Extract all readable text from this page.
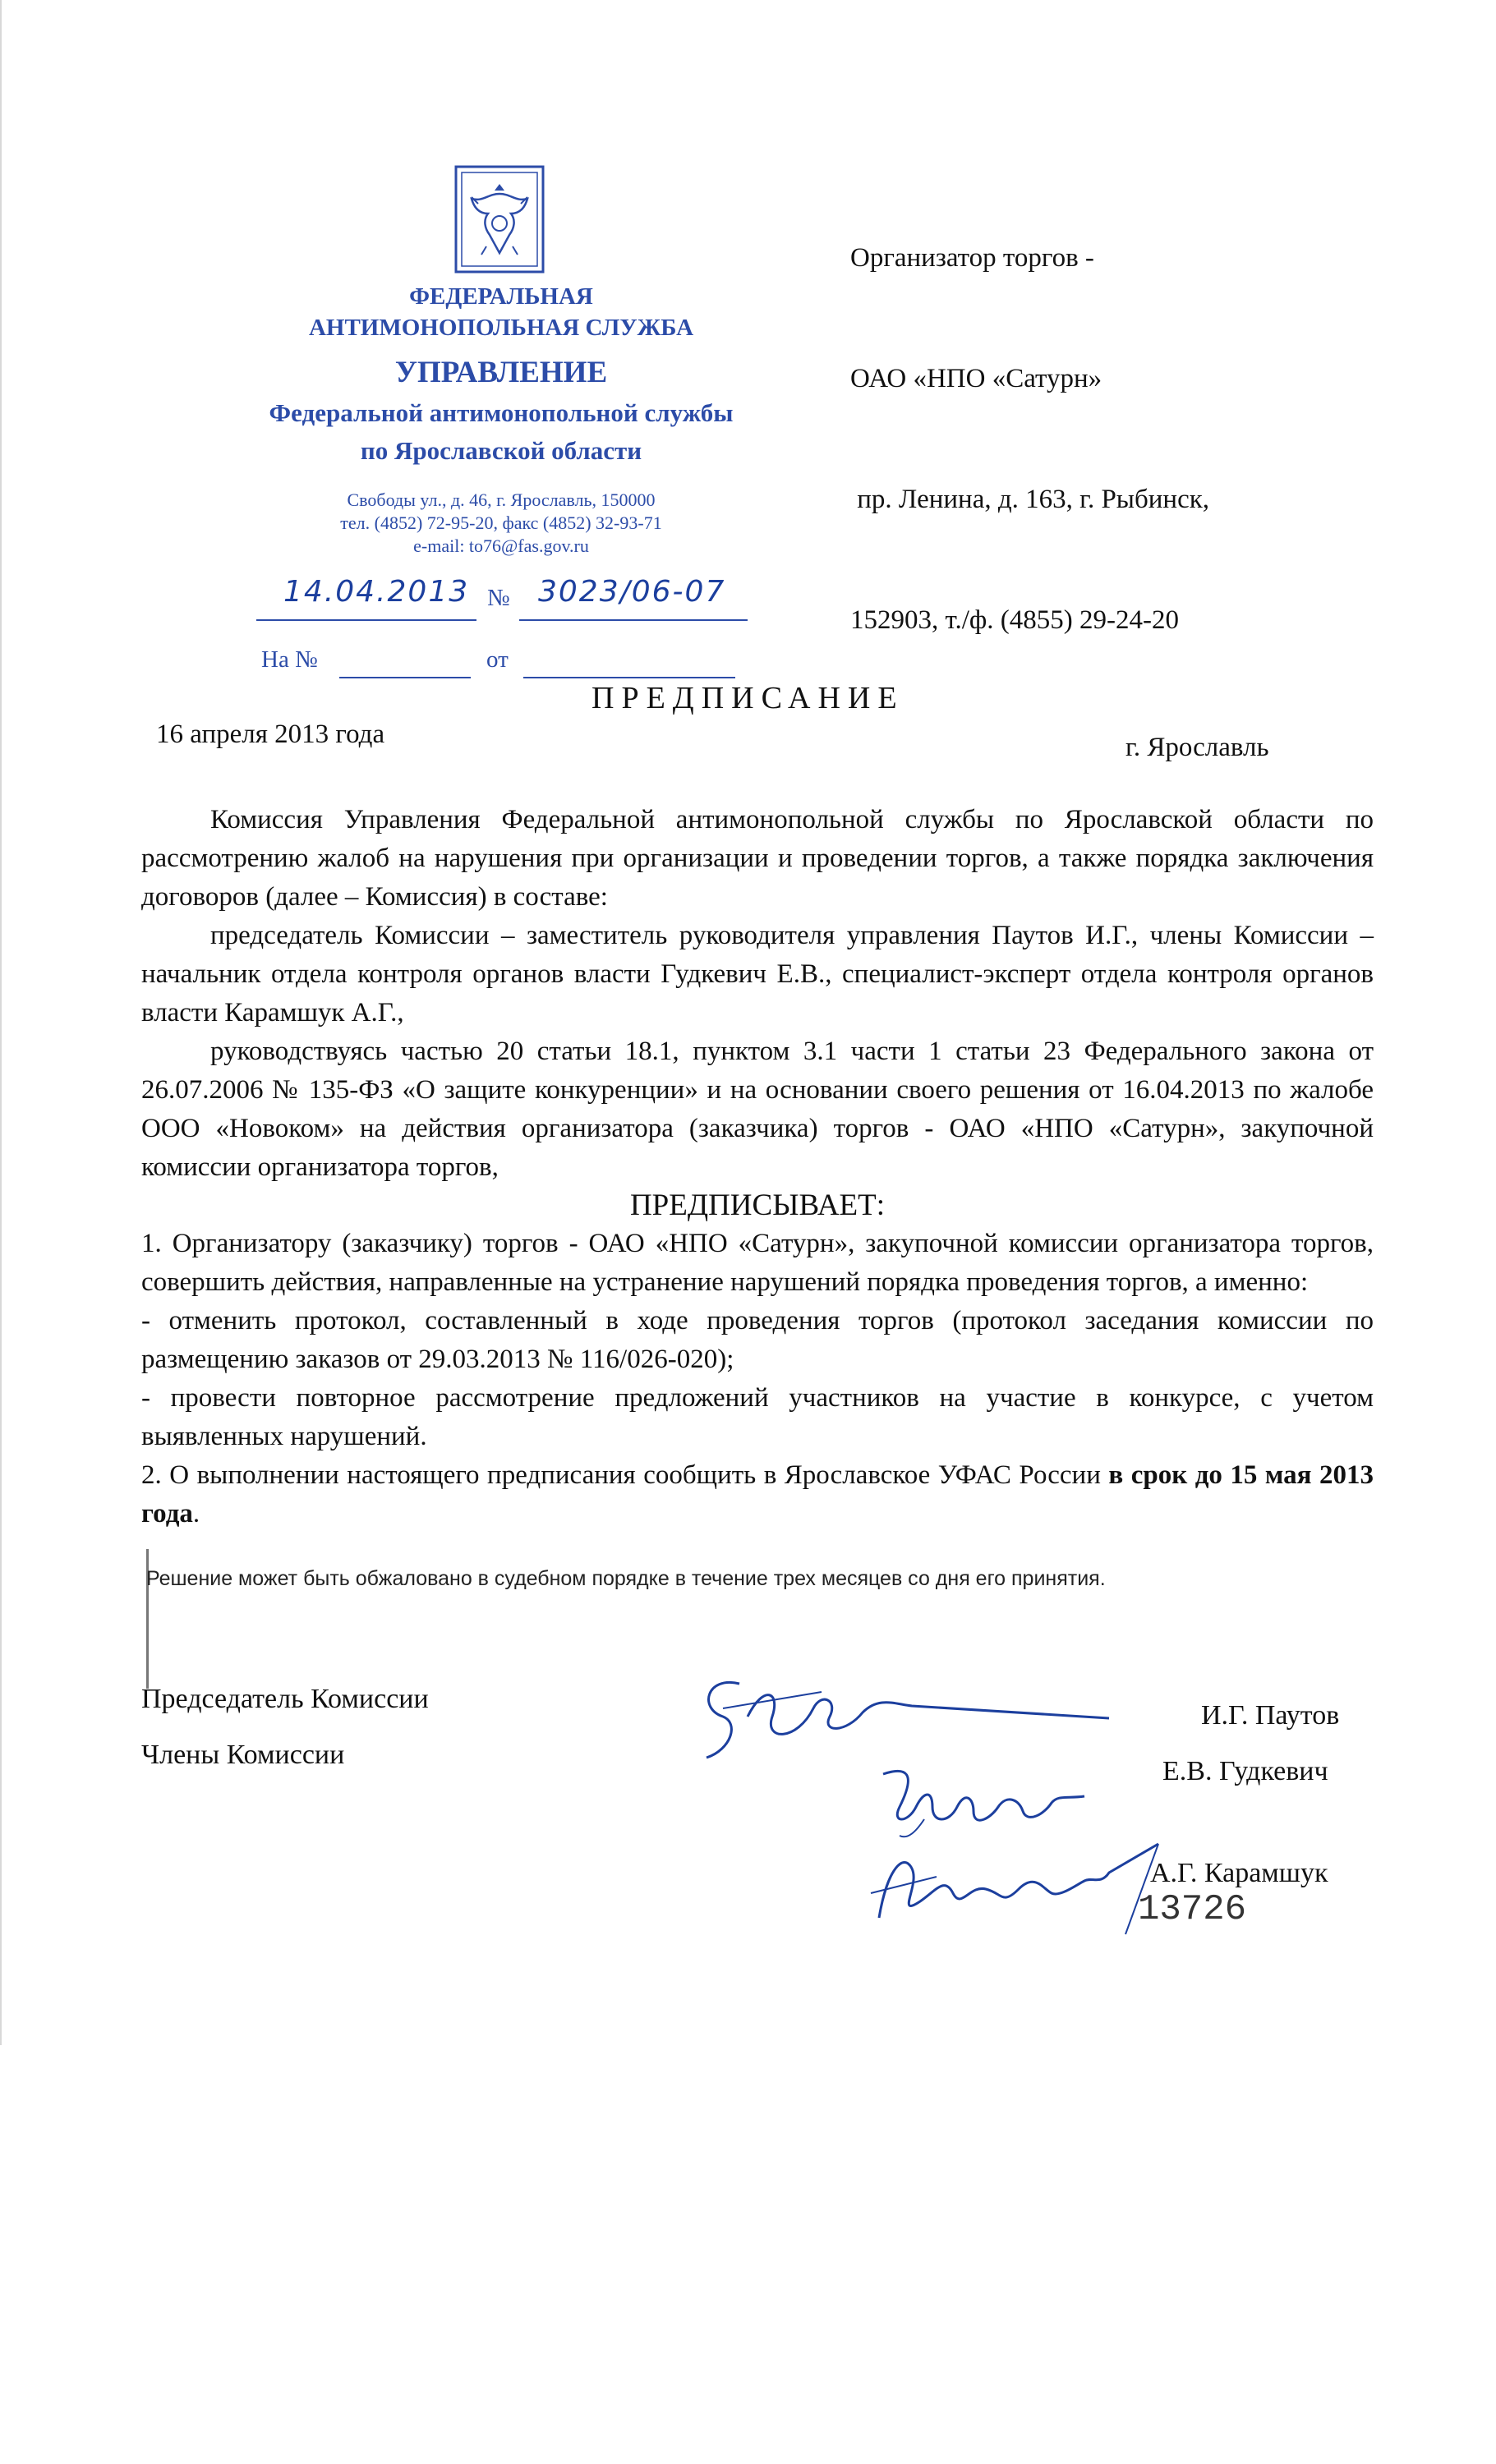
ФЕДЕРАЛЬНАЯ
АНТИМОНОПОЛЬНАЯ СЛУЖБА
УПРАВЛЕНИЕ
Федеральной антимонопольной службы
по Ярославской области
Свободы ул., д. 46, г. Ярославль, 150000
тел. (4852) 72-95-20, факс (4852) 32-93-71
e-mail: to76@fas.gov.ru
14.04.2013 № 3023/06-07
На №	от

Организатор торгов -

ОАО «НПО «Сатурн»

пр. Ленина, д. 163, г. Рыбинск,

152903, т./ф. (4855) 29-24-20

ПРЕДПИСАНИЕ
16 апреля 2013 года	г. Ярославль

Комиссия Управления Федеральной антимонопольной службы по Ярославской области по рассмотрению жалоб на нарушения при организации и проведении торгов, а также порядка заключения договоров (далее – Комиссия) в составе:

председатель Комиссии – заместитель руководителя управления Паутов И.Г., члены Комиссии – начальник отдела контроля органов власти Гудкевич Е.В., специалист-эксперт отдела контроля органов власти Карамшук А.Г.,

руководствуясь частью 20 статьи 18.1, пунктом 3.1 части 1 статьи 23 Федерального закона от 26.07.2006 № 135-ФЗ «О защите конкуренции» и на основании своего решения от 16.04.2013 по жалобе ООО «Новоком» на действия организатора (заказчика) торгов - ОАО «НПО «Сатурн», закупочной комиссии организатора торгов,

ПРЕДПИСЫВАЕТ:

1. Организатору (заказчику) торгов - ОАО «НПО «Сатурн», закупочной комиссии организатора торгов, совершить действия, направленные на устранение нарушений порядка проведения торгов, а именно:

- отменить протокол, составленный в ходе проведения торгов (протокол заседания комиссии по размещению заказов от 29.03.2013 № 116/026-020);

- провести повторное рассмотрение предложений участников на участие в конкурсе, с учетом выявленных нарушений.

2. О выполнении настоящего предписания сообщить в Ярославское УФАС России в срок до 15 мая 2013 года.

Решение может быть обжаловано в судебном порядке в течение трех месяцев со дня его принятия.
Председатель Комиссии
И.Г. Паутов
Члены Комиссии
Е.В. Гудкевич
А.Г. Карамшук
13726
